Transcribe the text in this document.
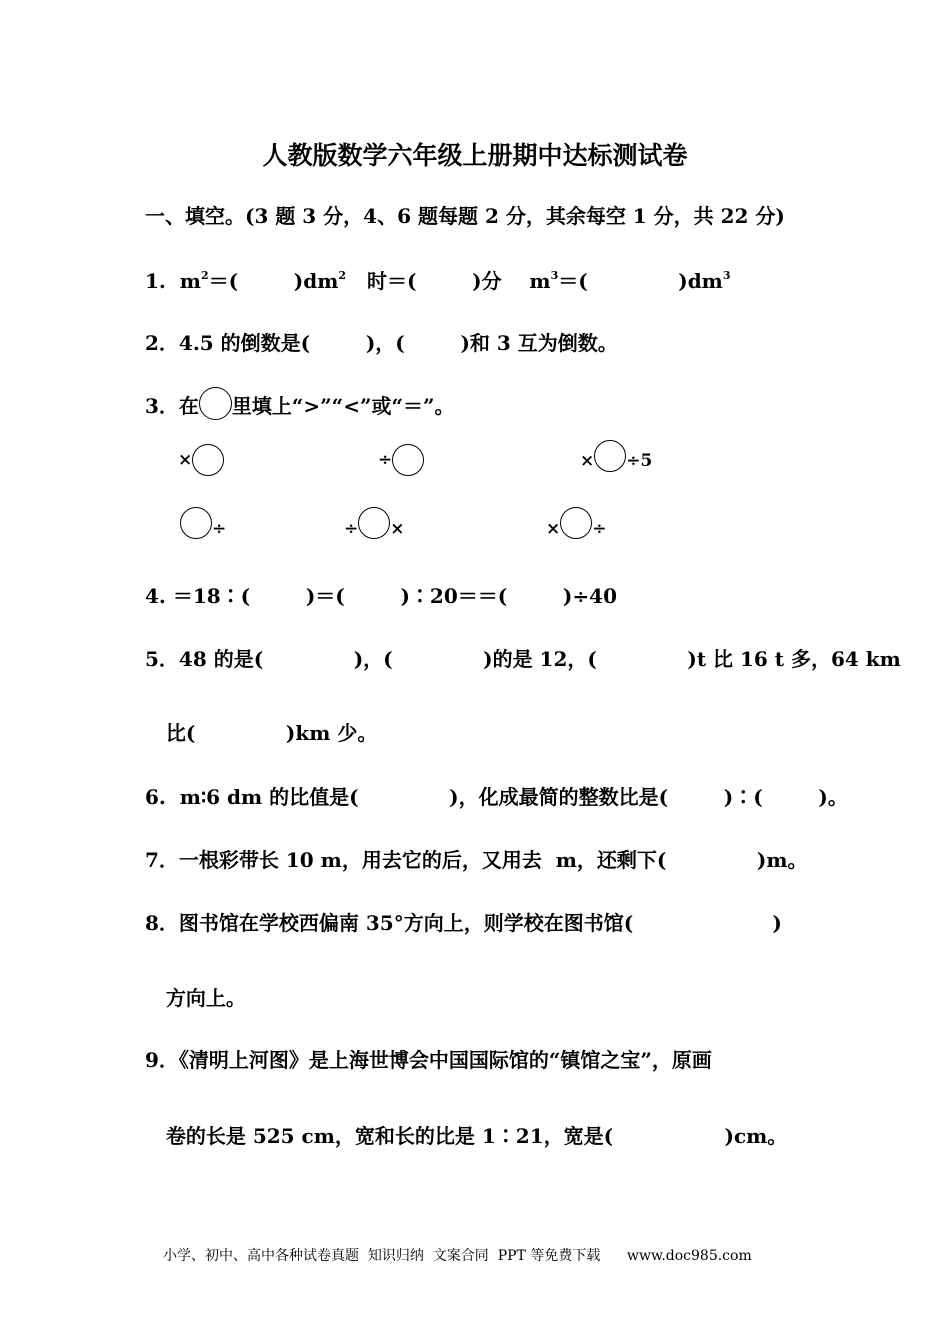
人教版数学六年级上册期中达标测试卷
一、填空。(3 题 3 分，4、6 题每题 2 分，其余每空 1 分，共 22 分)
1.  $m^2=$(        )$dm^2$   时＝(        )分    $m^3=$(             )$dm^3$
2．4.5 的倒数是(        )，(        )和 3 互为倒数。
3．在 里填上“>”“<”或“＝”。
×	÷	× ÷5
÷	÷ ×	× ÷
4. ＝18∶(        )＝(        )∶20＝＝(        )÷40
5．48 的是(             )，(             )的是 12，(             )t 比 16 t 多，64 km
比(             )km 少。
6.  m∶6 dm 的比值是(             )，化成最简的整数比是(        )∶(        )。
7．一根彩带长 10 m，用去它的后，又用去  m，还剩下(             )m。
8．图书馆在学校西偏南 35°方向上，则学校在图书馆(                    )
方向上。
9．《清明上河图》是上海世博会中国国际馆的“镇馆之宝”，原画
卷的长是 525 cm，宽和长的比是 1∶21，宽是(                )cm。
小学、初中、高中各种试卷真题  知识归纳  文案合同  PPT 等免费下载      www.doc985.com
